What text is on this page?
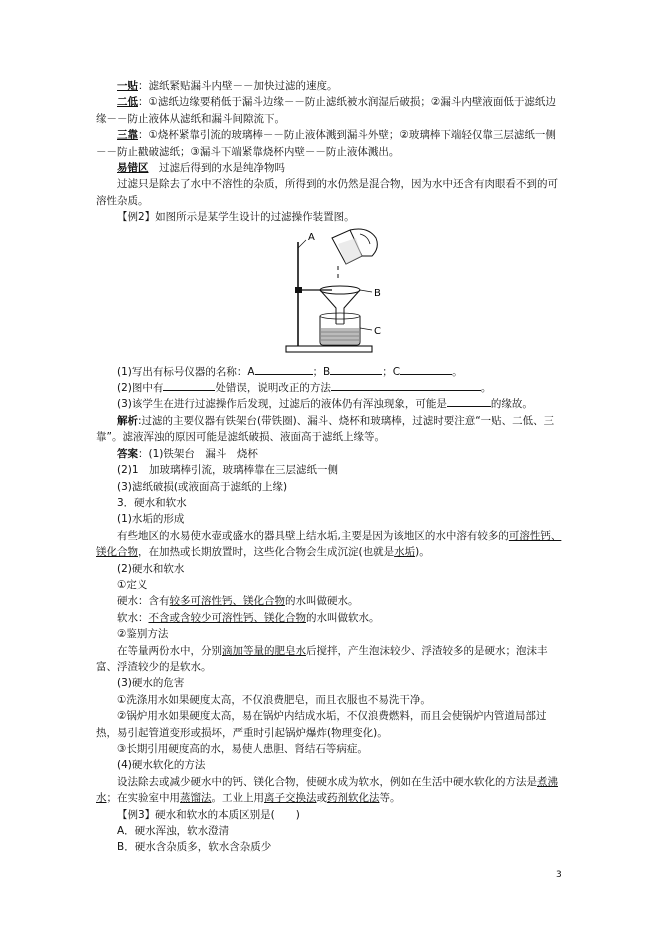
一贴：滤纸紧贴漏斗内壁－－加快过滤的速度。

二低：①滤纸边缘要稍低于漏斗边缘－－防止滤纸被水润湿后破损；②漏斗内壁液面低于滤纸边缘－－防止液体从滤纸和漏斗间隙流下。

三靠：①烧杯紧靠引流的玻璃棒－－防止液体溅到漏斗外壁；②玻璃棒下端轻仅靠三层滤纸一侧－－防止戳破滤纸；③漏斗下端紧靠烧杯内壁－－防止液体溅出。

易错区　 过滤后得到的水是纯净物吗

过滤只是除去了水中不溶性的杂质，所得到的水仍然是混合物，因为水中还含有肉眼看不到的可溶性杂质。

【例2】如图所示是某学生设计的过滤操作装置图。

A
B
C

(1)写出有标号仪器的名称：A	；B	；C	。

(2)图中有	处错误，说明改正的方法	。

(3)该学生在进行过滤操作后发现，过滤后的液体仍有浑浊现象，可能是	的缘故。

解析:过滤的主要仪器有铁架台(带铁圈)、漏斗、烧杯和玻璃棒，过滤时要注意“一贴、二低、三靠”。滤液浑浊的原因可能是滤纸破损、液面高于滤纸上缘等。

答案：(1)铁架台　漏斗　烧杯

(2)1　加玻璃棒引流，玻璃棒靠在三层滤纸一侧

(3)滤纸破损(或液面高于滤纸的上缘)

3．硬水和软水

(1)水垢的形成

有些地区的水易使水壶或盛水的器具壁上结水垢,主要是因为该地区的水中溶有较多的可溶性钙、镁化合物，在加热或长期放置时，这些化合物会生成沉淀(也就是水垢)。

(2)硬水和软水

①定义

硬水：含有较多可溶性钙、镁化合物的水叫做硬水。

软水：不含或含较少可溶性钙、镁化合物的水叫做软水。

②鉴别方法

在等量两份水中，分别滴加等量的肥皂水后搅拌，产生泡沫较少、浮渣较多的是硬水；泡沫丰富、浮渣较少的是软水。

(3)硬水的危害

①洗涤用水如果硬度太高，不仅浪费肥皂，而且衣服也不易洗干净。

②锅炉用水如果硬度太高，易在锅炉内结成水垢，不仅浪费燃料，而且会使锅炉内管道局部过热，易引起管道变形或损坏，严重时引起锅炉爆炸(物理变化)。

③长期引用硬度高的水，易使人患胆、肾结石等病症。

(4)硬水软化的方法

设法除去或减少硬水中的钙、镁化合物，使硬水成为软水，例如在生活中硬水软化的方法是煮沸水；在实验室中用蒸馏法。工业上用离子交换法或药剂软化法等。

【例3】硬水和软水的本质区别是(　　)

A．硬水浑浊，软水澄清

B．硬水含杂质多，软水含杂质少

3
